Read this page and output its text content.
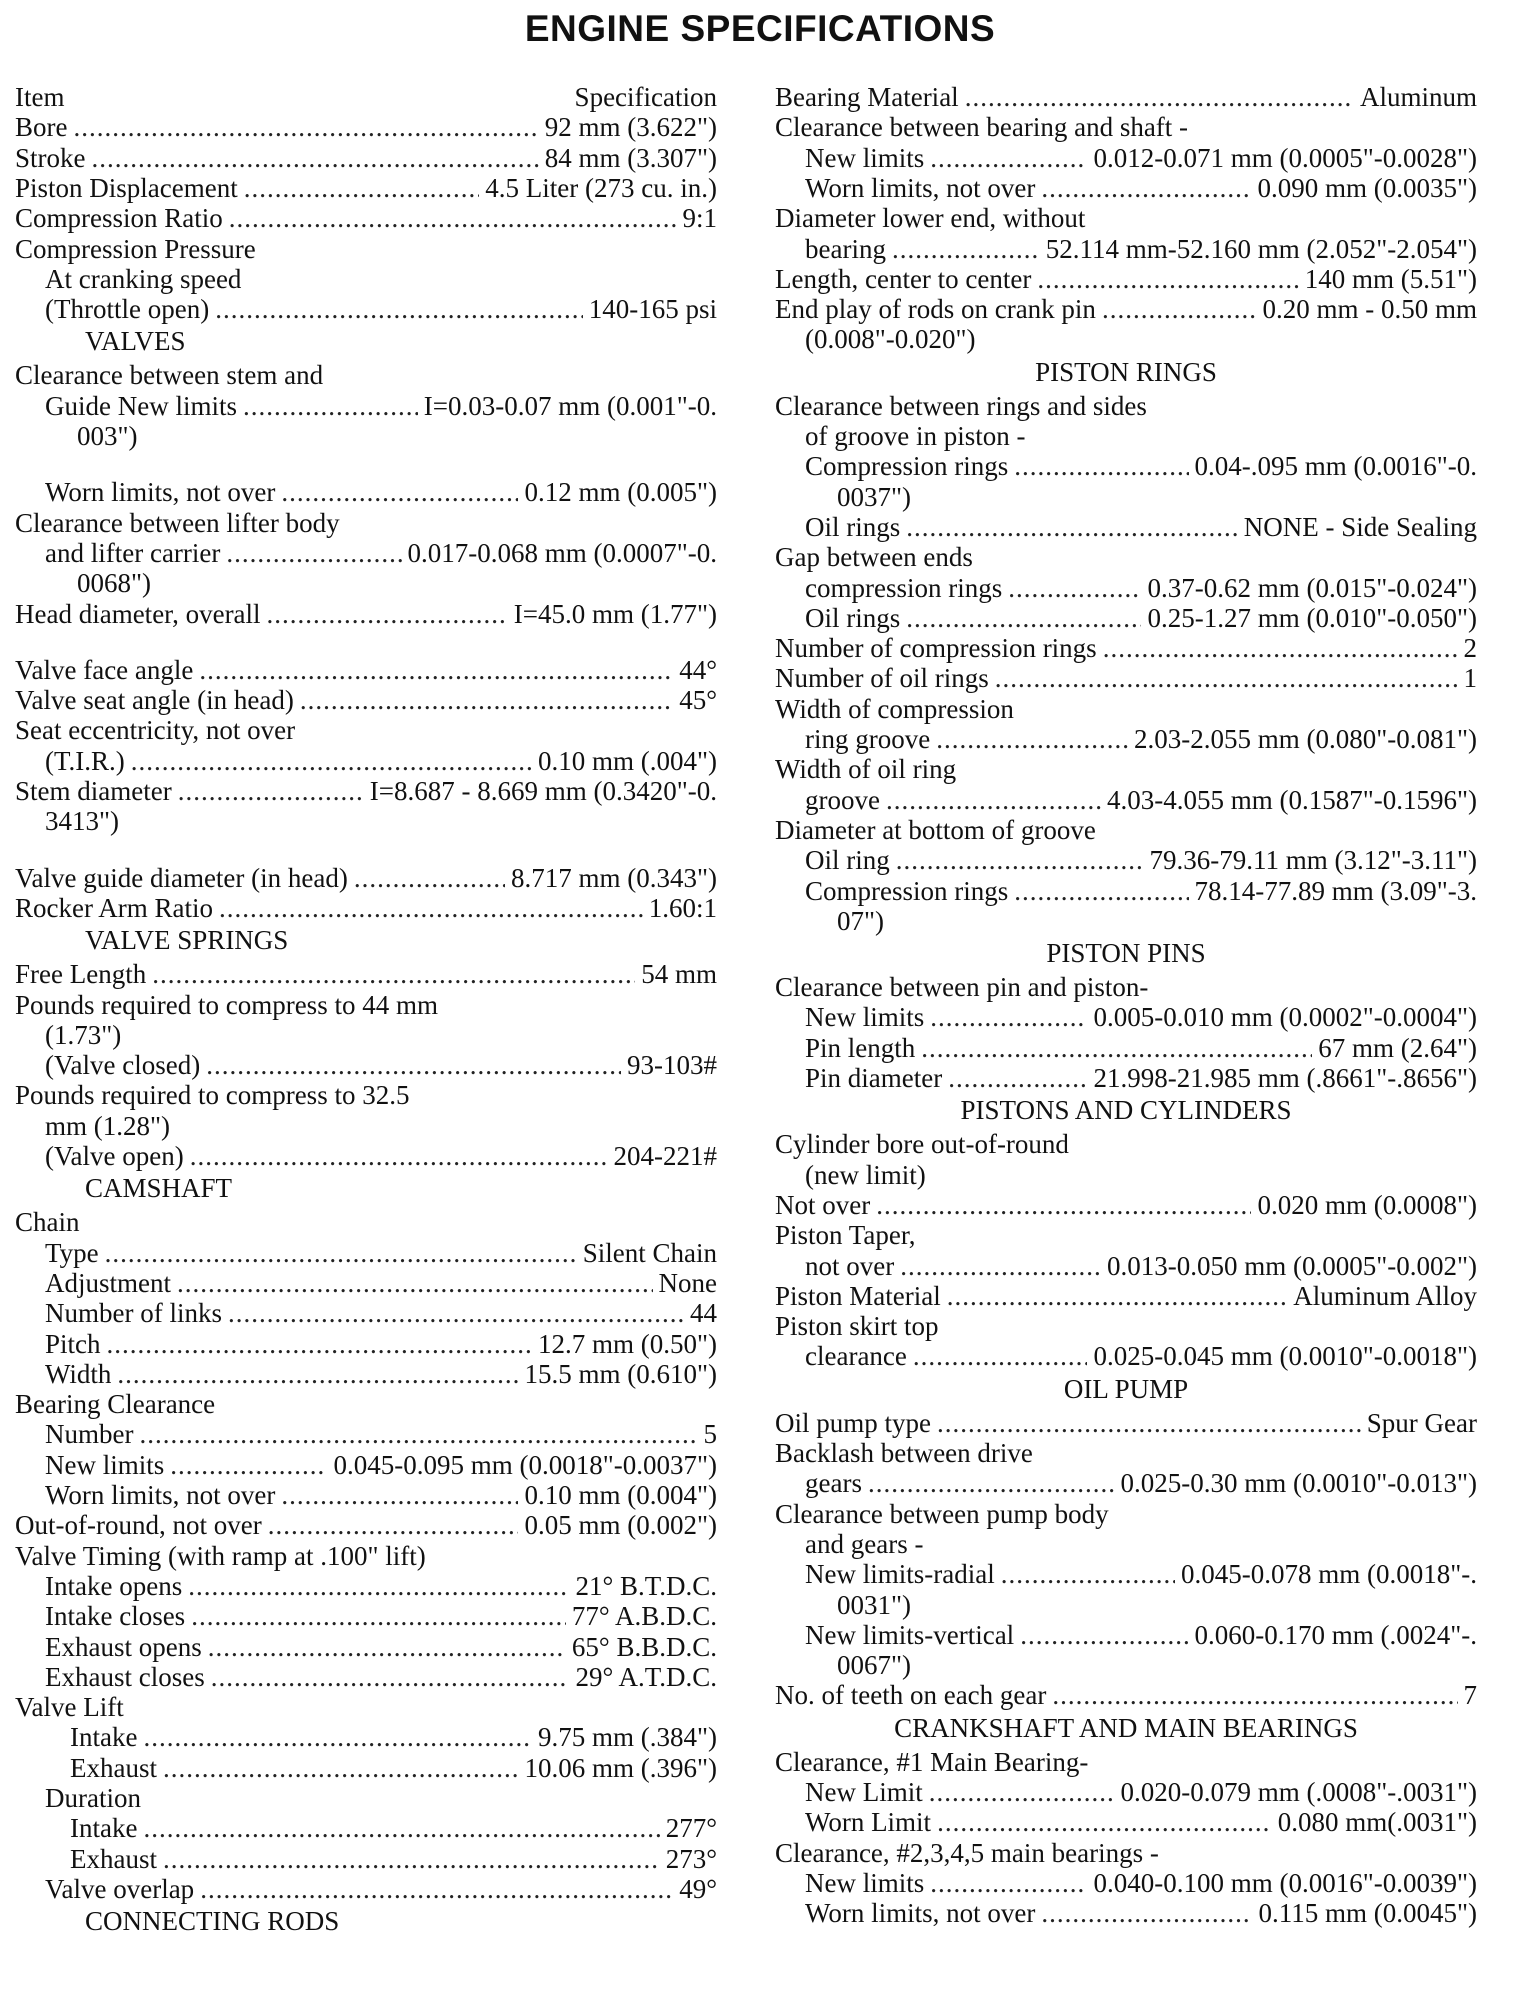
ENGINE SPECIFICATIONS
Item	Specification
Bore .....	92 mm (3.622")
Stroke .....	84 mm (3.307")
Piston Displacement .....	4.5 Liter (273 cu. in.)
Compression Ratio .....	9:1
Compression Pressure
At cranking speed
(Throttle open) .....	140-165 psi
VALVES
Clearance between stem and
Guide New limits .....	I=0.03-0.07 mm (0.001"-0.
003")
Worn limits, not over .....	0.12 mm (0.005")
Clearance between lifter body
and lifter carrier .....	0.017-0.068 mm (0.0007"-0.
0068")
Head diameter, overall .....	I=45.0 mm (1.77")
Valve face angle .....	44°
Valve seat angle (in head) .....	45°
Seat eccentricity, not over
(T.I.R.) .....	0.10 mm (.004")
Stem diameter .....	I=8.687 - 8.669 mm (0.3420"-0.
3413")
Valve guide diameter (in head) .....	8.717 mm (0.343")
Rocker Arm Ratio .....	1.60:1
VALVE SPRINGS
Free Length .....	54 mm
Pounds required to compress to 44 mm
(1.73")
(Valve closed) .....	93-103#
Pounds required to compress to 32.5
mm (1.28")
(Valve open) .....	204-221#
CAMSHAFT
Chain
Type .....	Silent Chain
Adjustment .....	None
Number of links .....	44
Pitch .....	12.7 mm (0.50")
Width .....	15.5 mm (0.610")
Bearing Clearance
Number .....	5
New limits .....	0.045-0.095 mm (0.0018"-0.0037")
Worn limits, not over .....	0.10 mm (0.004")
Out-of-round, not over .....	0.05 mm (0.002")
Valve Timing (with ramp at .100" lift)
Intake opens .....	21° B.T.D.C.
Intake closes .....	77° A.B.D.C.
Exhaust opens .....	65° B.B.D.C.
Exhaust closes .....	29° A.T.D.C.
Valve Lift
Intake .....	9.75 mm (.384")
Exhaust .....	10.06 mm (.396")
Duration
Intake .....	277°
Exhaust .....	273°
Valve overlap .....	49°
CONNECTING RODS
Bearing Material .....	Aluminum
Clearance between bearing and shaft -
New limits .....	0.012-0.071 mm (0.0005"-0.0028")
Worn limits, not over .....	0.090 mm (0.0035")
Diameter lower end, without
bearing .....	52.114 mm-52.160 mm (2.052"-2.054")
Length, center to center .....	140 mm (5.51")
End play of rods on crank pin .....	0.20 mm - 0.50 mm
(0.008"-0.020")
PISTON RINGS
Clearance between rings and sides
of groove in piston -
Compression rings .....	0.04-.095 mm (0.0016"-0.
0037")
Oil rings .....	NONE - Side Sealing
Gap between ends
compression rings .....	0.37-0.62 mm (0.015"-0.024")
Oil rings .....	0.25-1.27 mm (0.010"-0.050")
Number of compression rings .....	2
Number of oil rings .....	1
Width of compression
ring groove .....	2.03-2.055 mm (0.080"-0.081")
Width of oil ring
groove .....	4.03-4.055 mm (0.1587"-0.1596")
Diameter at bottom of groove
Oil ring .....	79.36-79.11 mm (3.12"-3.11")
Compression rings .....	78.14-77.89 mm (3.09"-3.
07")
PISTON PINS
Clearance between pin and piston-
New limits .....	0.005-0.010 mm (0.0002"-0.0004")
Pin length .....	67 mm (2.64")
Pin diameter .....	21.998-21.985 mm (.8661"-.8656")
PISTONS AND CYLINDERS
Cylinder bore out-of-round
(new limit)
Not over .....	0.020 mm (0.0008")
Piston Taper,
not over .....	0.013-0.050 mm (0.0005"-0.002")
Piston Material .....	Aluminum Alloy
Piston skirt top
clearance .....	0.025-0.045 mm (0.0010"-0.0018")
OIL PUMP
Oil pump type .....	Spur Gear
Backlash between drive
gears .....	0.025-0.30 mm (0.0010"-0.013")
Clearance between pump body
and gears -
New limits-radial .....	0.045-0.078 mm (0.0018"-.
0031")
New limits-vertical .....	0.060-0.170 mm (.0024"-.
0067")
No. of teeth on each gear .....	7
CRANKSHAFT AND MAIN BEARINGS
Clearance, #1 Main Bearing-
New Limit .....	0.020-0.079 mm (.0008"-.0031")
Worn Limit .....	0.080 mm(.0031")
Clearance, #2,3,4,5 main bearings -
New limits .....	0.040-0.100 mm (0.0016"-0.0039")
Worn limits, not over .....	0.115 mm (0.0045")
